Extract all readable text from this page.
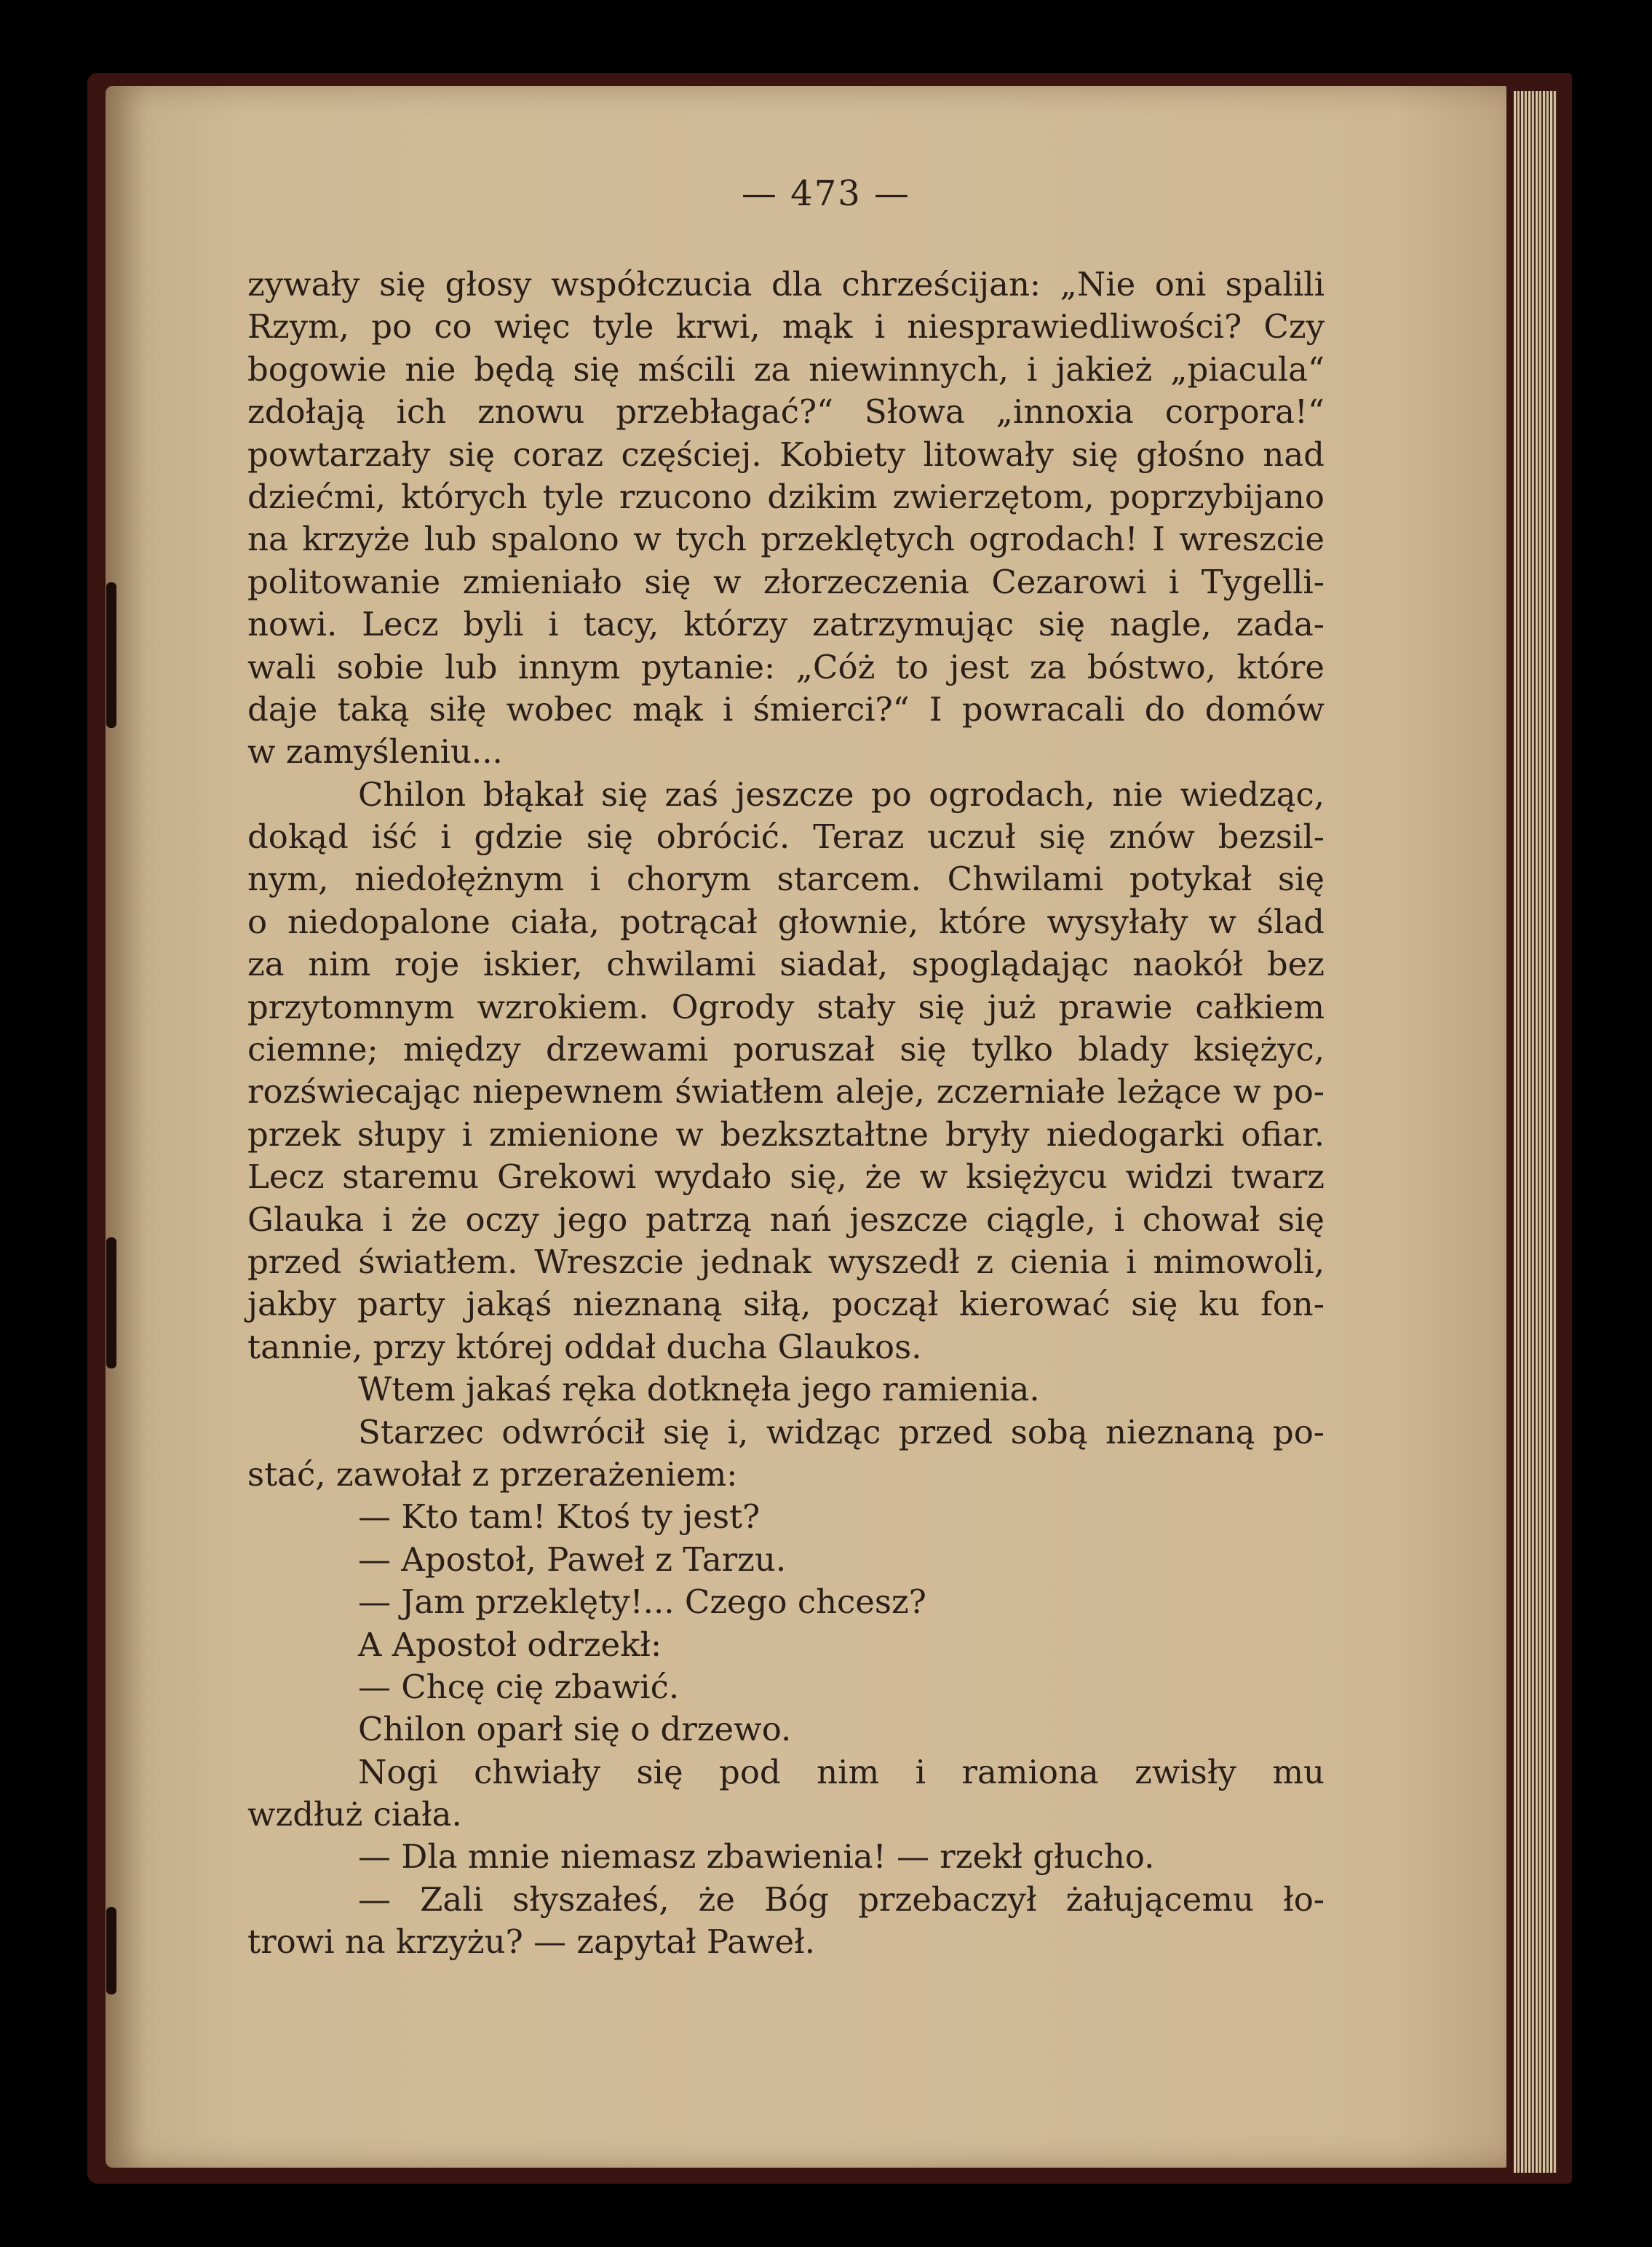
— 473 —
zywały się głosy współczucia dla chrześcijan: „Nie oni spalili
Rzym, po co więc tyle krwi, mąk i niesprawiedliwości? Czy
bogowie nie będą się mścili za niewinnych, i jakież „piacula“
zdołają ich znowu przebłagać?“ Słowa „innoxia corpora!“
powtarzały się coraz częściej. Kobiety litowały się głośno nad
dziećmi, których tyle rzucono dzikim zwierzętom, poprzybijano
na krzyże lub spalono w tych przeklętych ogrodach! I wreszcie
politowanie zmieniało się w złorzeczenia Cezarowi i Tygelli-
nowi. Lecz byli i tacy, którzy zatrzymując się nagle, zada-
wali sobie lub innym pytanie: „Cóż to jest za bóstwo, które
daje taką siłę wobec mąk i śmierci?“ I powracali do domów
w zamyśleniu...
Chilon błąkał się zaś jeszcze po ogrodach, nie wiedząc,
dokąd iść i gdzie się obrócić. Teraz uczuł się znów bezsil-
nym, niedołężnym i chorym starcem. Chwilami potykał się
o niedopalone ciała, potrącał głownie, które wysyłały w ślad
za nim roje iskier, chwilami siadał, spoglądając naokół bez
przytomnym wzrokiem. Ogrody stały się już prawie całkiem
ciemne; między drzewami poruszał się tylko blady księżyc,
rozświecając niepewnem światłem aleje, zczerniałe leżące w po-
przek słupy i zmienione w bezkształtne bryły niedogarki ofiar.
Lecz staremu Grekowi wydało się, że w księżycu widzi twarz
Glauka i że oczy jego patrzą nań jeszcze ciągle, i chował się
przed światłem. Wreszcie jednak wyszedł z cienia i mimowoli,
jakby party jakąś nieznaną siłą, począł kierować się ku fon-
tannie, przy której oddał ducha Glaukos.
Wtem jakaś ręka dotknęła jego ramienia.
Starzec odwrócił się i, widząc przed sobą nieznaną po-
stać, zawołał z przerażeniem:
— Kto tam! Ktoś ty jest?
— Apostoł, Paweł z Tarzu.
— Jam przeklęty!... Czego chcesz?
A Apostoł odrzekł:
— Chcę cię zbawić.
Chilon oparł się o drzewo.
Nogi chwiały się pod nim i ramiona zwisły mu
wzdłuż ciała.
— Dla mnie niemasz zbawienia! — rzekł głucho.
— Zali słyszałeś, że Bóg przebaczył żałującemu ło-
trowi na krzyżu? — zapytał Paweł.
